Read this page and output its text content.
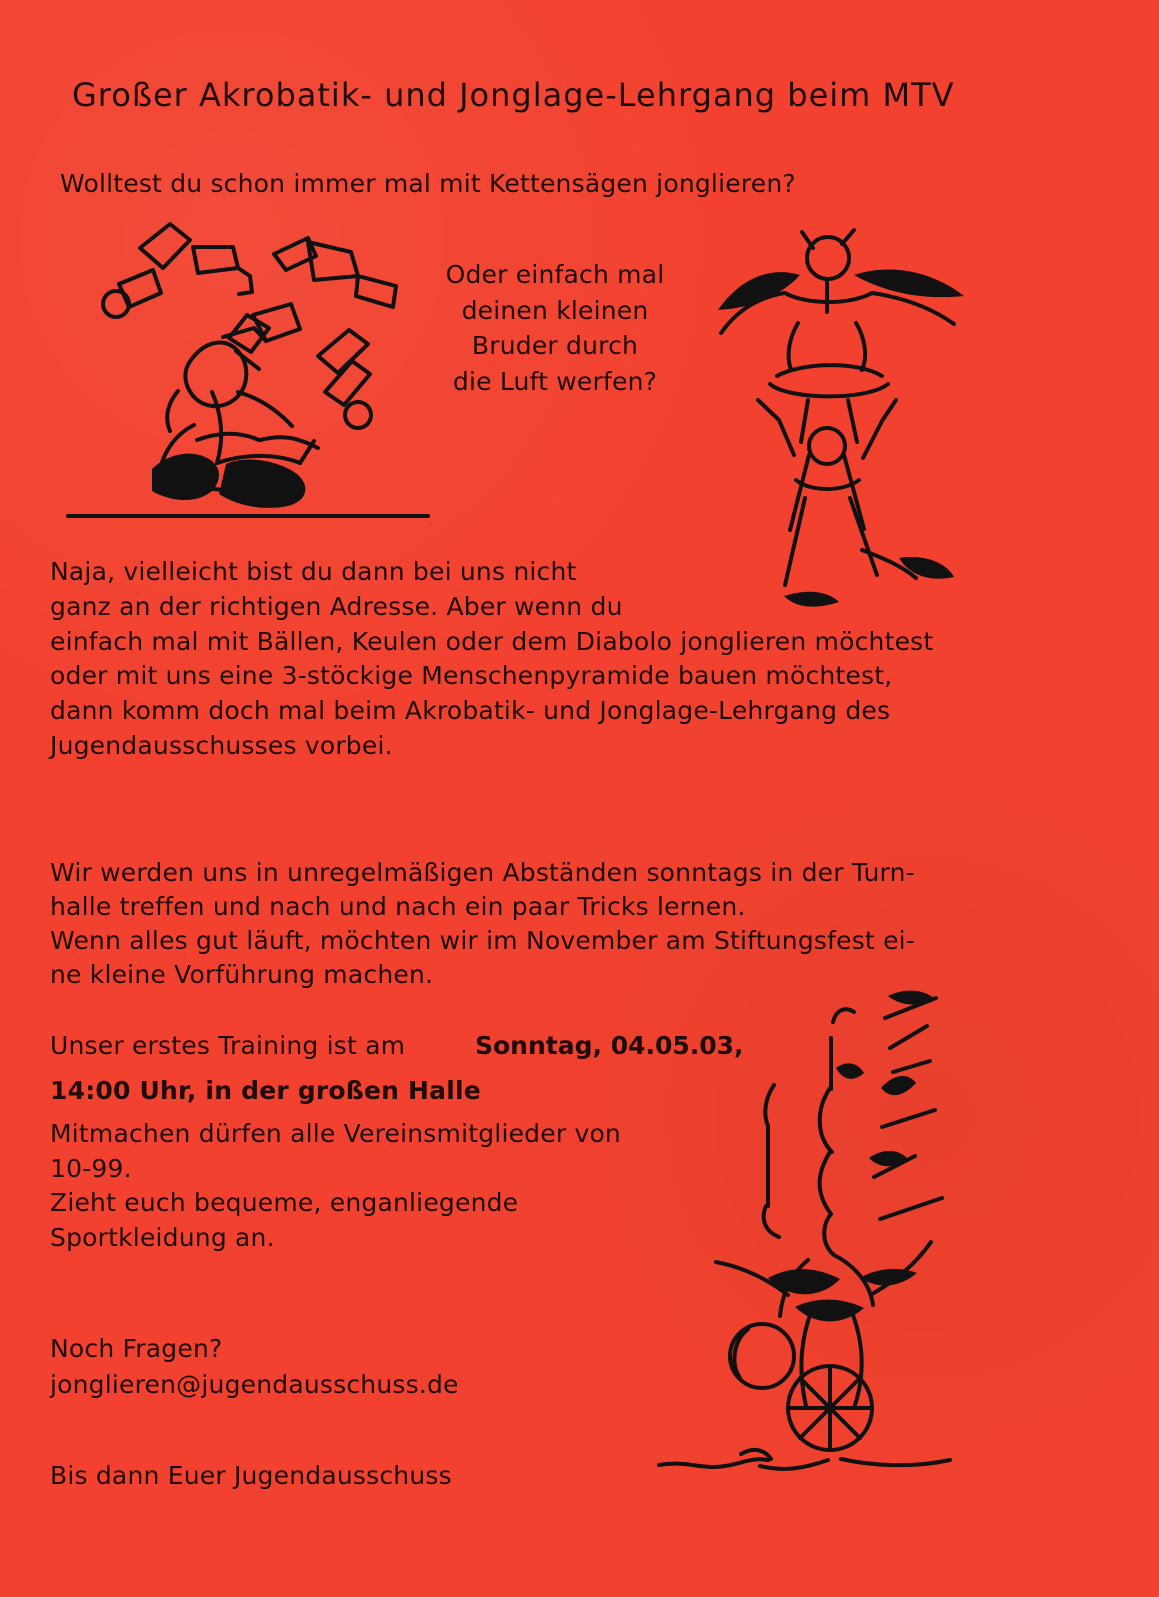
Großer Akrobatik- und Jonglage-Lehrgang beim MTV
Wolltest du schon immer mal mit Kettensägen jonglieren?
Oder einfach mal
deinen kleinen
Bruder durch
die Luft werfen?
Naja, vielleicht bist du dann bei uns nicht
ganz an der richtigen Adresse. Aber wenn du
einfach mal mit Bällen, Keulen oder dem Diabolo jonglieren möchtest
oder mit uns eine 3-stöckige Menschenpyramide bauen möchtest,
dann komm doch mal beim Akrobatik- und Jonglage-Lehrgang des
Jugendausschusses vorbei.
Wir werden uns in unregelmäßigen Abständen sonntags in der Turn-
halle treffen und nach und nach ein paar Tricks lernen.
Wenn alles gut läuft, möchten wir im November am Stiftungsfest ei-
ne kleine Vorführung machen.
Unser erstes Training ist am	Sonntag, 04.05.03,
14:00 Uhr, in der großen Halle
Mitmachen dürfen alle Vereinsmitglieder von
10-99.
Zieht euch bequeme, enganliegende
Sportkleidung an.
Noch Fragen?
jonglieren@jugendausschuss.de
Bis dann Euer Jugendausschuss
